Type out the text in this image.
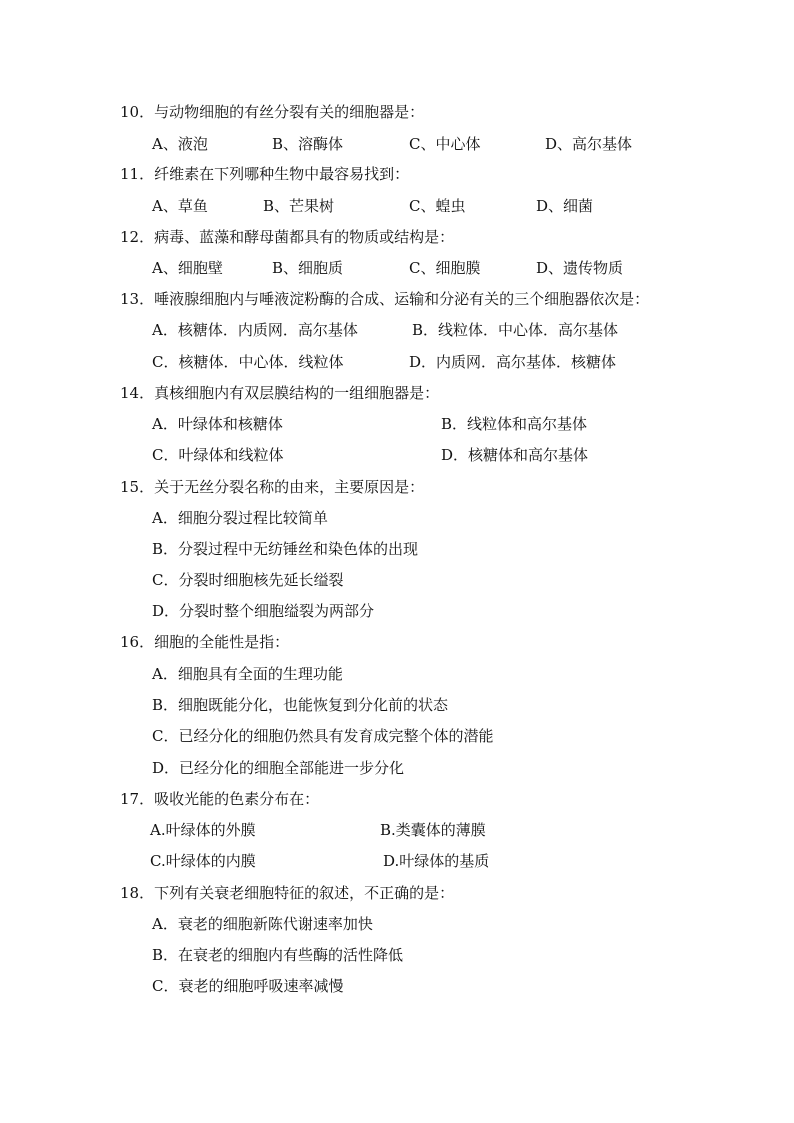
10．与动物细胞的有丝分裂有关的细胞器是：
A、液泡	B、溶酶体	C、中心体	D、高尔基体
11．纤维素在下列哪种生物中最容易找到：
A、草鱼	B、芒果树	C、蝗虫	D、细菌
12．病毒、蓝藻和酵母菌都具有的物质或结构是：
A、细胞壁	B、细胞质	C、细胞膜	D、遗传物质
13．唾液腺细胞内与唾液淀粉酶的合成、运输和分泌有关的三个细胞器依次是：
A．核糖体．内质网．高尔基体	B．线粒体．中心体．高尔基体
C．核糖体．中心体．线粒体	D．内质网．高尔基体．核糖体
14．真核细胞内有双层膜结构的一组细胞器是：
A．叶绿体和核糖体	B．线粒体和高尔基体
C．叶绿体和线粒体	D．核糖体和高尔基体
15．关于无丝分裂名称的由来，主要原因是：
A．细胞分裂过程比较简单
B．分裂过程中无纺锤丝和染色体的出现
C．分裂时细胞核先延长缢裂
D．分裂时整个细胞缢裂为两部分
16．细胞的全能性是指：
A．细胞具有全面的生理功能
B．细胞既能分化，也能恢复到分化前的状态
C．已经分化的细胞仍然具有发育成完整个体的潜能
D．已经分化的细胞全部能进一步分化
17．吸收光能的色素分布在：
A.叶绿体的外膜	B.类囊体的薄膜
C.叶绿体的内膜	D.叶绿体的基质
18．下列有关衰老细胞特征的叙述，不正确的是：
A．衰老的细胞新陈代谢速率加快
B．在衰老的细胞内有些酶的活性降低
C．衰老的细胞呼吸速率减慢
